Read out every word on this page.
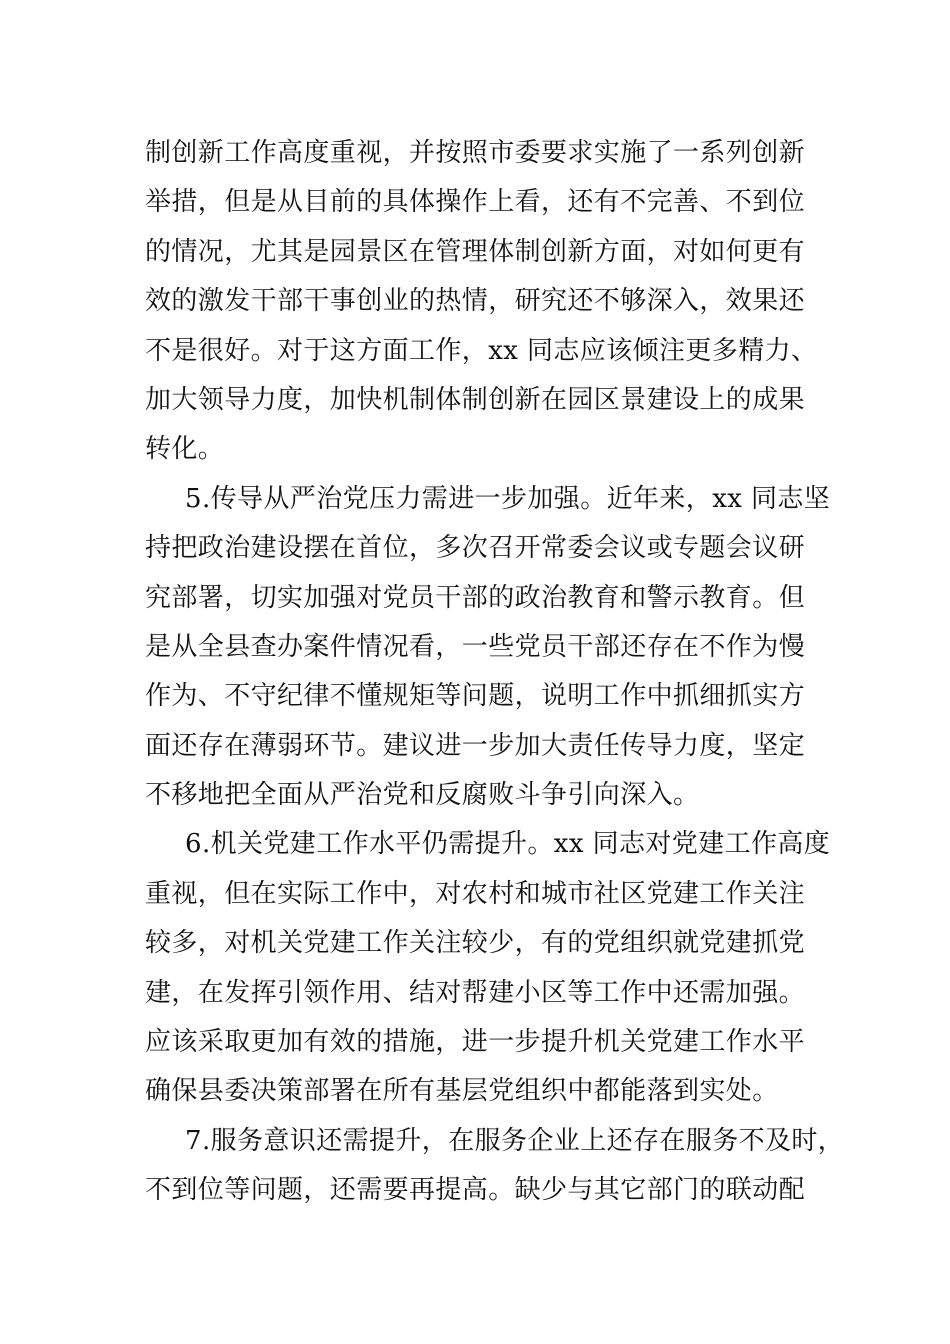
制创新工作高度重视，并按照市委要求实施了一系列创新
举措，但是从目前的具体操作上看，还有不完善、不到位
的情况，尤其是园景区在管理体制创新方面，对如何更有
效的激发干部干事创业的热情，研究还不够深入，效果还
不是很好。对于这方面工作，xx 同志应该倾注更多精力、
加大领导力度，加快机制体制创新在园区景建设上的成果
转化。
5.传导从严治党压力需进一步加强。近年来，xx 同志坚
持把政治建设摆在首位，多次召开常委会议或专题会议研
究部署，切实加强对党员干部的政治教育和警示教育。但
是从全县查办案件情况看，一些党员干部还存在不作为慢
作为、不守纪律不懂规矩等问题，说明工作中抓细抓实方
面还存在薄弱环节。建议进一步加大责任传导力度，坚定
不移地把全面从严治党和反腐败斗争引向深入。
6.机关党建工作水平仍需提升。xx 同志对党建工作高度
重视，但在实际工作中，对农村和城市社区党建工作关注
较多，对机关党建工作关注较少，有的党组织就党建抓党
建，在发挥引领作用、结对帮建小区等工作中还需加强。
应该采取更加有效的措施，进一步提升机关党建工作水平
确保县委决策部署在所有基层党组织中都能落到实处。
7.服务意识还需提升，在服务企业上还存在服务不及时，
不到位等问题，还需要再提高。缺少与其它部门的联动配
